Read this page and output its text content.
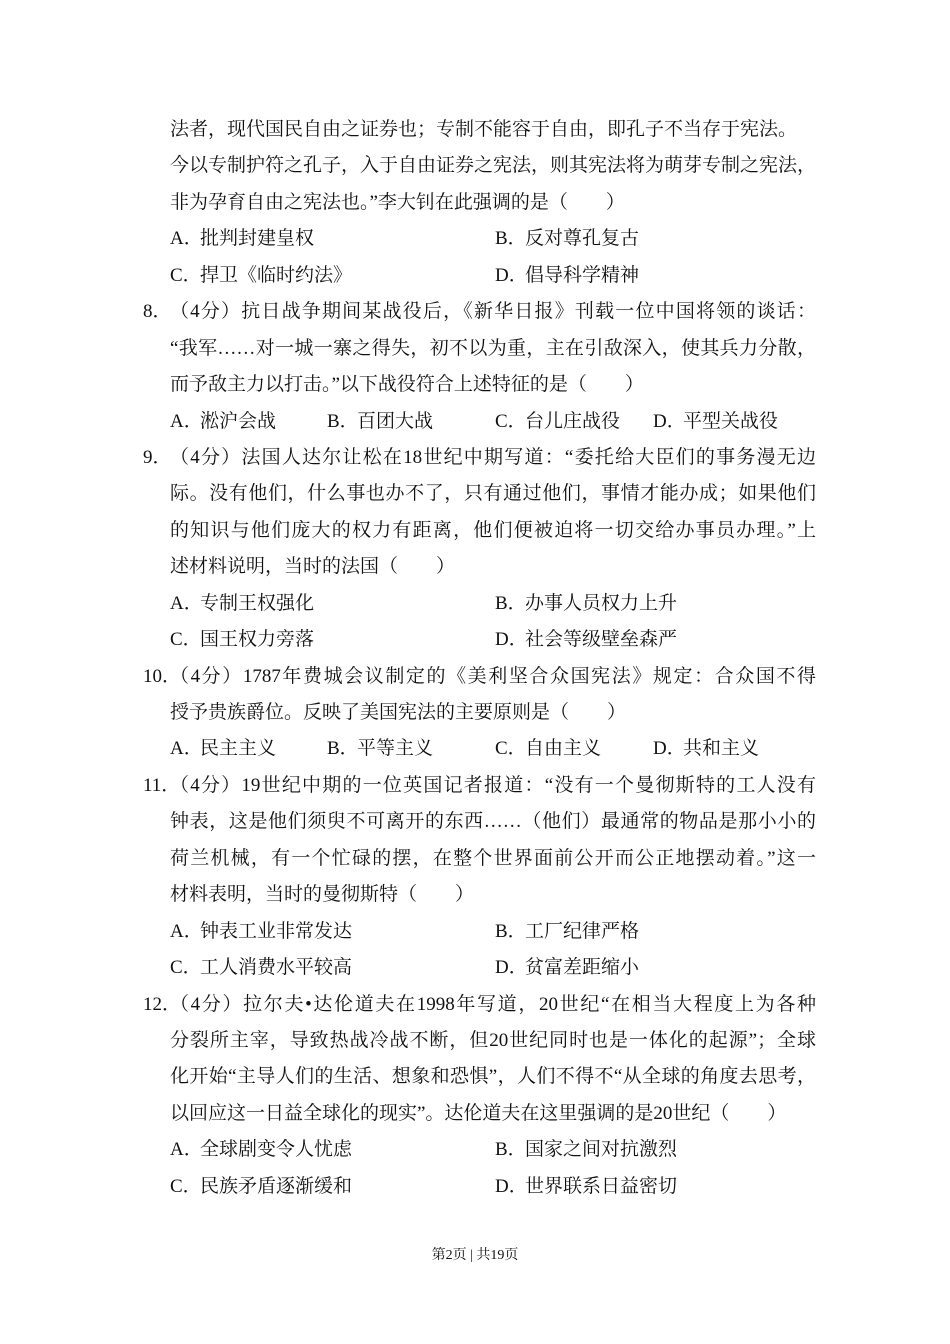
法者，现代国民自由之证券也；专制不能容于自由，即孔子不当存于宪法。
今以专制护符之孔子，入于自由证券之宪法，则其宪法将为萌芽专制之宪法，
非为孕育自由之宪法也。”李大钊在此强调的是（　　）
A．批判封建皇权	B．反对尊孔复古
C．捍卫《临时约法》	D．倡导科学精神
8．
（4分）抗日战争期间某战役后，《新华日报》刊载一位中国将领的谈话：
“我军……对一城一寨之得失，初不以为重，主在引敌深入，使其兵力分散，
而予敌主力以打击。”以下战役符合上述特征的是（　　）
A．淞沪会战	B．百团大战	C．台儿庄战役 D．平型关战役
9．
（4分）法国人达尔让松在18世纪中期写道：“委托给大臣们的事务漫无边
际。没有他们，什么事也办不了，只有通过他们，事情才能办成；如果他们
的知识与他们庞大的权力有距离，他们便被迫将一切交给办事员办理。”上
述材料说明，当时的法国（　　）
A．专制王权强化	B．办事人员权力上升
C．国王权力旁落	D．社会等级壁垒森严
10．
（4分）1787年费城会议制定的《美利坚合众国宪法》规定：合众国不得
授予贵族爵位。反映了美国宪法的主要原则是（　　）
A．民主主义	B．平等主义	C．自由主义	D．共和主义
11．
（4分）19世纪中期的一位英国记者报道：“没有一个曼彻斯特的工人没有
钟表，这是他们须臾不可离开的东西……（他们）最通常的物品是那小小的
荷兰机械，有一个忙碌的摆，在整个世界面前公开而公正地摆动着。”这一
材料表明，当时的曼彻斯特（　　）
A．钟表工业非常发达	B．工厂纪律严格
C．工人消费水平较高	D．贫富差距缩小
12．
（4分）拉尔夫•达伦道夫在1998年写道，20世纪“在相当大程度上为各种
分裂所主宰，导致热战冷战不断，但20世纪同时也是一体化的起源”；全球
化开始“主导人们的生活、想象和恐惧”，人们不得不“从全球的角度去思考，
以回应这一日益全球化的现实”。达伦道夫在这里强调的是20世纪（　　）
A．全球剧变令人忧虑	B．国家之间对抗激烈
C．民族矛盾逐渐缓和	D．世界联系日益密切
第2页 | 共19页
